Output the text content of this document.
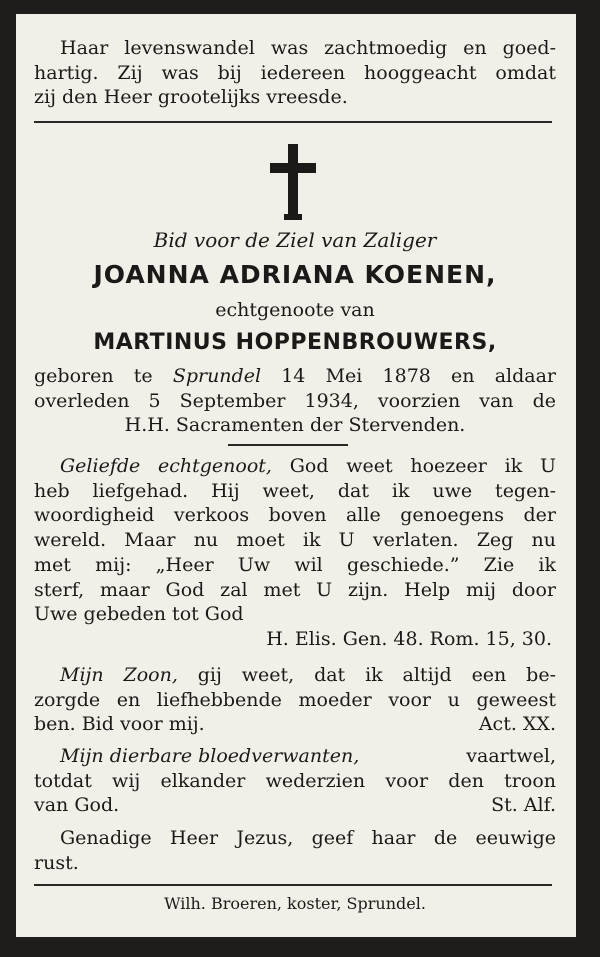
Haar levenswandel was zachtmoedig en goed-
hartig. Zij was bij iedereen hooggeacht omdat
zij den Heer grootelijks vreesde.
Bid voor de Ziel van Zaliger
JOANNA ADRIANA KOENEN,
echtgenoote van
MARTINUS HOPPENBROUWERS,
geboren te Sprundel 14 Mei 1878 en aldaar
overleden 5 September 1934, voorzien van de
H.H. Sacramenten der Stervenden.
Geliefde echtgenoot, God weet hoezeer ik U
heb liefgehad. Hij weet, dat ik uwe tegen-
woordigheid verkoos boven alle genoegens der
wereld. Maar nu moet ik U verlaten. Zeg nu
met mij: „Heer Uw wil geschiede.” Zie ik
sterf, maar God zal met U zijn. Help mij door
Uwe gebeden tot God
H. Elis. Gen. 48. Rom. 15, 30.
Mijn Zoon, gij weet, dat ik altijd een be-
zorgde en liefhebbende moeder voor u geweest
ben. Bid voor mij.	Act. XX.
Mijn dierbare bloedverwanten,	vaartwel,
totdat wij elkander wederzien voor den troon
van God.	St. Alf.
Genadige Heer Jezus, geef haar de eeuwige
rust.
Wilh. Broeren, koster, Sprundel.
